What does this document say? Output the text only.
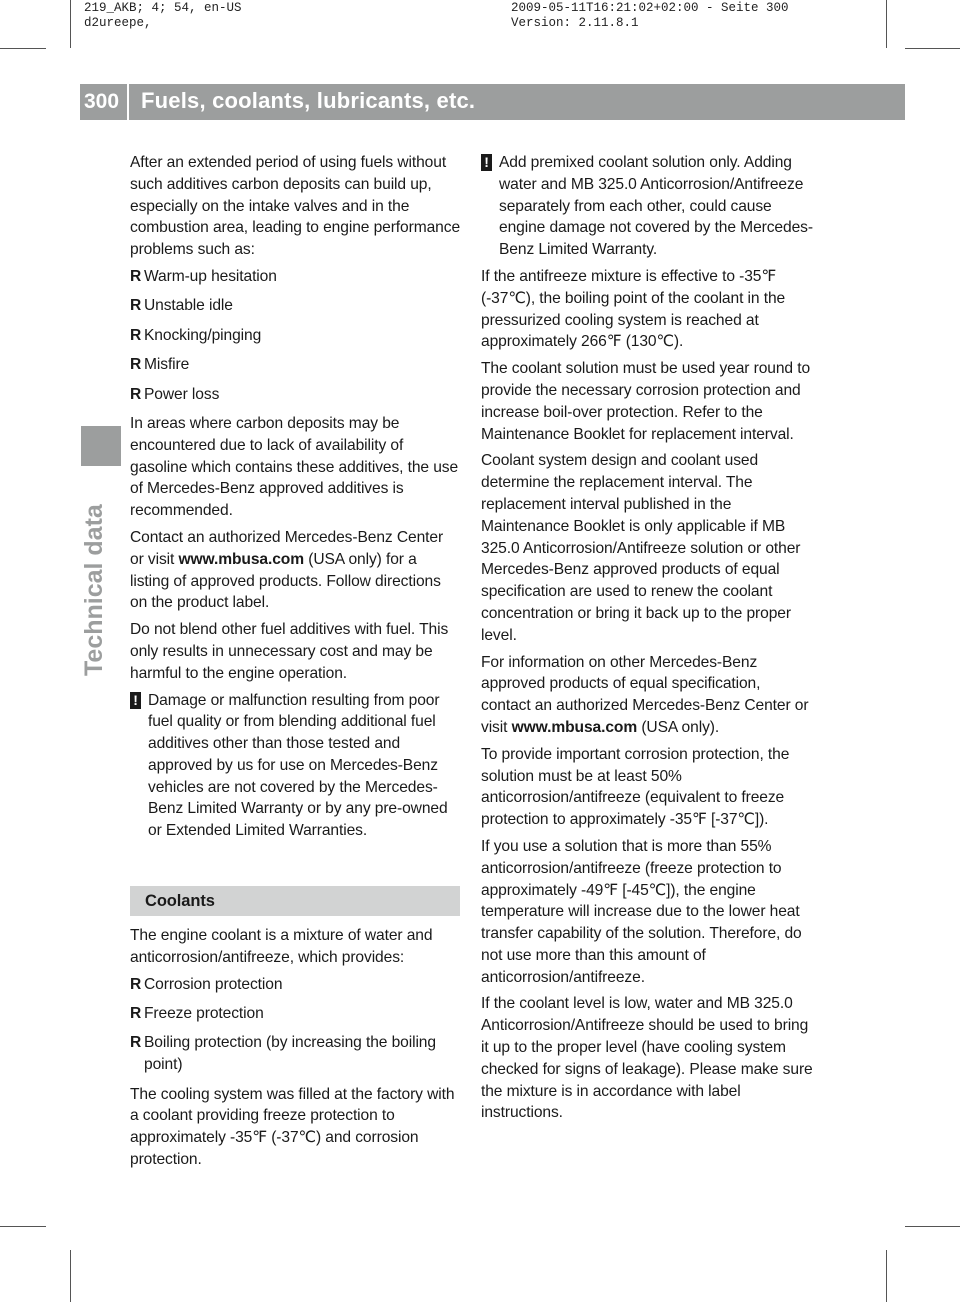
219_AKB; 4; 54, en-US
d2ureepe,
2009-05-11T16:21:02+02:00 - Seite 300
Version: 2.11.8.1
300 Fuels, coolants, lubricants, etc.
Technical data

After an extended period of using fuels without such additives carbon deposits can build up, especially on the intake valves and in the combustion area, leading to engine performance problems such as:

R Warm-up hesitation
R Unstable idle
R Knocking/pinging
R Misfire
R Power loss

In areas where carbon deposits may be encountered due to lack of availability of gasoline which contains these additives, the use of Mercedes-Benz approved additives is recommended.

Contact an authorized Mercedes-Benz Center or visit www.mbusa.com (USA only) for a listing of approved products. Follow directions on the product label.

Do not blend other fuel additives with fuel. This only results in unnecessary cost and may be harmful to the engine operation.

! Damage or malfunction resulting from poor fuel quality or from blending additional fuel additives other than those tested and approved by us for use on Mercedes-Benz vehicles are not covered by the Mercedes-Benz Limited Warranty or by any pre-owned or Extended Limited Warranties.
Coolants

The engine coolant is a mixture of water and anticorrosion/antifreeze, which provides:

R Corrosion protection
R Freeze protection
R Boiling protection (by increasing the boiling point)

The cooling system was filled at the factory with a coolant providing freeze protection to approximately -35℉ (-37℃) and corrosion protection.

! Add premixed coolant solution only. Adding water and MB 325.0 Anticorrosion/Antifreeze separately from each other, could cause engine damage not covered by the Mercedes-Benz Limited Warranty.

If the antifreeze mixture is effective to -35℉ (-37℃), the boiling point of the coolant in the pressurized cooling system is reached at approximately 266℉ (130℃).

The coolant solution must be used year round to provide the necessary corrosion protection and increase boil-over protection. Refer to the Maintenance Booklet for replacement interval.

Coolant system design and coolant used determine the replacement interval. The replacement interval published in the Maintenance Booklet is only applicable if MB 325.0 Anticorrosion/Antifreeze solution or other Mercedes-Benz approved products of equal specification are used to renew the coolant concentration or bring it back up to the proper level.

For information on other Mercedes-Benz approved products of equal specification, contact an authorized Mercedes-Benz Center or visit www.mbusa.com (USA only).

To provide important corrosion protection, the solution must be at least 50% anticorrosion/antifreeze (equivalent to freeze protection to approximately -35℉ [-37℃]).

If you use a solution that is more than 55% anticorrosion/antifreeze (freeze protection to approximately -49℉ [-45℃]), the engine temperature will increase due to the lower heat transfer capability of the solution. Therefore, do not use more than this amount of anticorrosion/antifreeze.

If the coolant level is low, water and MB 325.0 Anticorrosion/Antifreeze should be used to bring it up to the proper level (have cooling system checked for signs of leakage). Please make sure the mixture is in accordance with label instructions.
